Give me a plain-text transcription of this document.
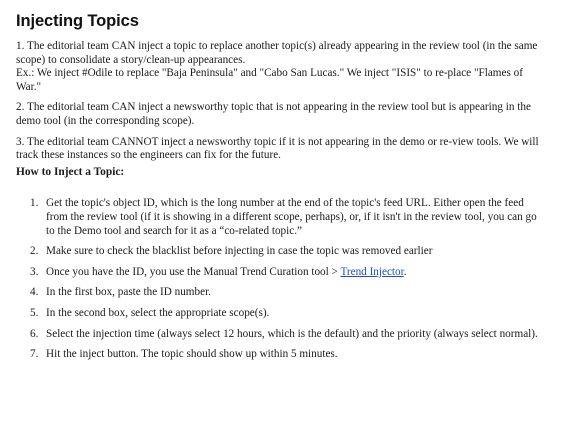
Injecting Topics

1. The editorial team CAN inject a topic to replace another topic(s) already appearing in the review tool (in the same scope) to consolidate a story/clean-up appearances.
Ex.: We inject #Odile to replace "Baja Peninsula" and "Cabo San Lucas." We inject "ISIS" to re-place "Flames of War."

2. The editorial team CAN inject a newsworthy topic that is not appearing in the review tool but is appearing in the demo tool (in the corresponding scope).

3. The editorial team CANNOT inject a newsworthy topic if it is not appearing in the demo or re-view tools. We will track these instances so the engineers can fix for the future.

How to Inject a Topic:

1. Get the topic's object ID, which is the long number at the end of the topic's feed URL. Either open the feed from the review tool (if it is showing in a different scope, perhaps), or, if it isn't in the review tool, you can go to the Demo tool and search for it as a “co-related topic.”
2. Make sure to check the blacklist before injecting in case the topic was removed earlier
3. Once you have the ID, you use the Manual Trend Curation tool > Trend Injector.
4. In the first box, paste the ID number.
5. In the second box, select the appropriate scope(s).
6. Select the injection time (always select 12 hours, which is the default) and the priority (always select normal).
7. Hit the inject button. The topic should show up within 5 minutes.
